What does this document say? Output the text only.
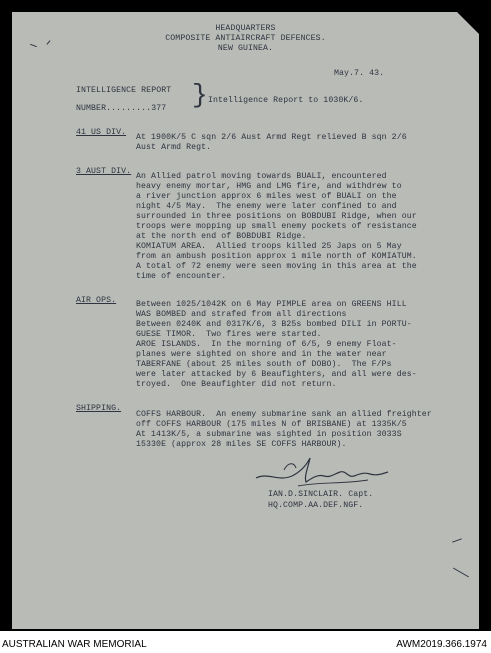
HEADQUARTERS
COMPOSITE ANTIAIRCRAFT DEFENCES.
NEW GUINEA.
May.7. 43.
INTELLIGENCE REPORT
NUMBER.........377 } Intelligence Report to 1030K/6.
41 US DIV.
At 1900K/5 C sqn 2/6 Aust Armd Regt relieved B sqn 2/6
Aust Armd Regt.
3 AUST DIV.
An Allied patrol moving towards BUALI, encountered
heavy enemy mortar, HMG and LMG fire, and withdrew to
a river junction approx 6 miles west of BUALI on the
night 4/5 May.  The enemy were later confined to and
surrounded in three positions on BOBDUBI Ridge, when our
troops were mopping up small enemy pockets of resistance
at the north end of BOBDUBI Ridge.
KOMIATUM AREA.  Allied troops killed 25 Japs on 5 May
from an ambush position approx 1 mile north of KOMIATUM.
A total of 72 enemy were seen moving in this area at the
time of encounter.
AIR OPS. Between 1025/1042K on 6 May PIMPLE area on GREENS HILL
WAS BOMBED and strafed from all directions
Between 0240K and 0317K/6, 3 B25s bombed DILI in PORTU-
GUESE TIMOR.  Two fires were started.
AROE ISLANDS.  In the morning of 6/5, 9 enemy Float-
planes were sighted on shore and in the water near
TABERFANE (about 25 miles south of DOBO).  The F/Ps
were later attacked by 6 Beaufighters, and all were des-
troyed.  One Beaufighter did not return.
SHIPPING.
COFFS HARBOUR.  An enemy submarine sank an allied freighter
off COFFS HARBOUR (175 miles N of BRISBANE) at 1335K/5
At 1413K/5, a submarine was sighted in position 3033S
15330E (approx 28 miles SE COFFS HARBOUR).
IAN.D.SINCLAIR. Capt.
HQ.COMP.AA.DEF.NGF.
AUSTRALIAN WAR MEMORIAL	AWM2019.366.1974
